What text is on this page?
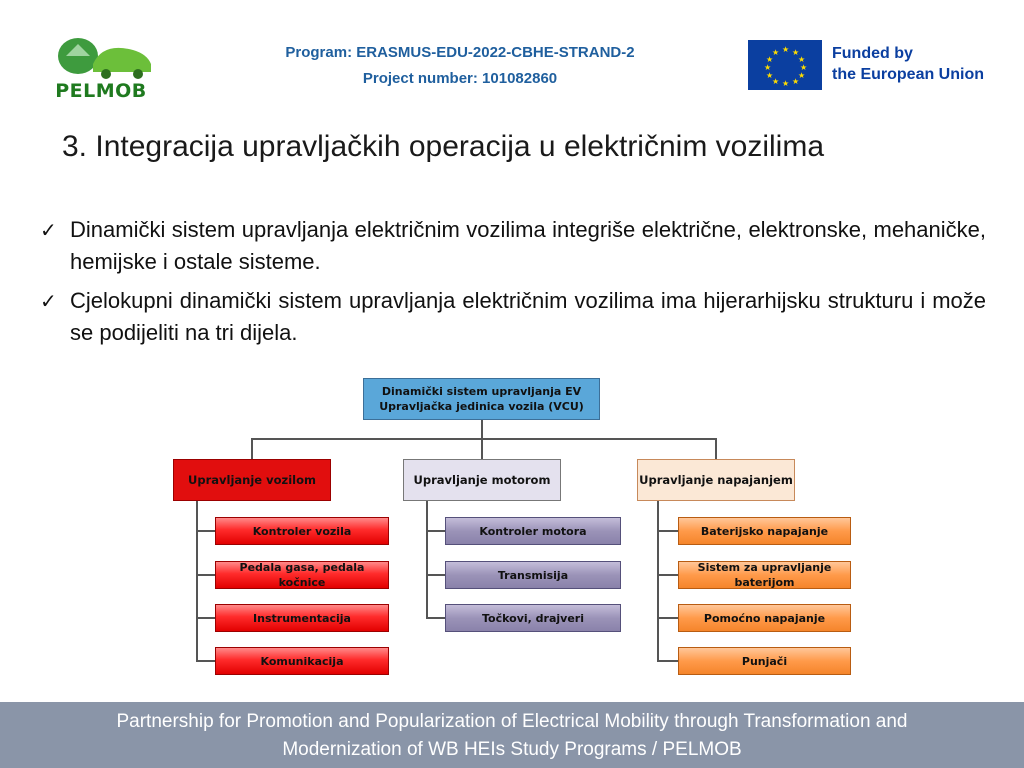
PELMOB
Program: ERASMUS-EDU-2022-CBHE-STRAND-2
Project number: 101082860
★ ★
★
★
★
★
★
★
★
★
★
★	Funded by
the European Union
3. Integracija upravljačkih operacija u električnim vozilima
✓ Dinamički sistem upravljanja električnim vozilima integriše električne, elektronske, mehaničke, hemijske i ostale sisteme.
✓ Cjelokupni dinamički sistem upravljanja električnim vozilima ima hijerarhijsku strukturu i može se podijeliti na tri dijela.
Dinamički sistem upravljanja EV
Upravljačka jedinica vozila (VCU)
Upravljanje vozilom	Upravljanje motorom	Upravljanje napajanjem
Kontroler vozila
Pedala gasa, pedala kočnice
Instrumentacija
Komunikacija
Kontroler motora
Transmisija
Točkovi, drajveri
Baterijsko napajanje
Sistem za upravljanje baterijom
Pomoćno napajanje
Punjači
Partnership for Promotion and Popularization of Electrical Mobility through Transformation and
Modernization of WB HEIs Study Programs / PELMOB
